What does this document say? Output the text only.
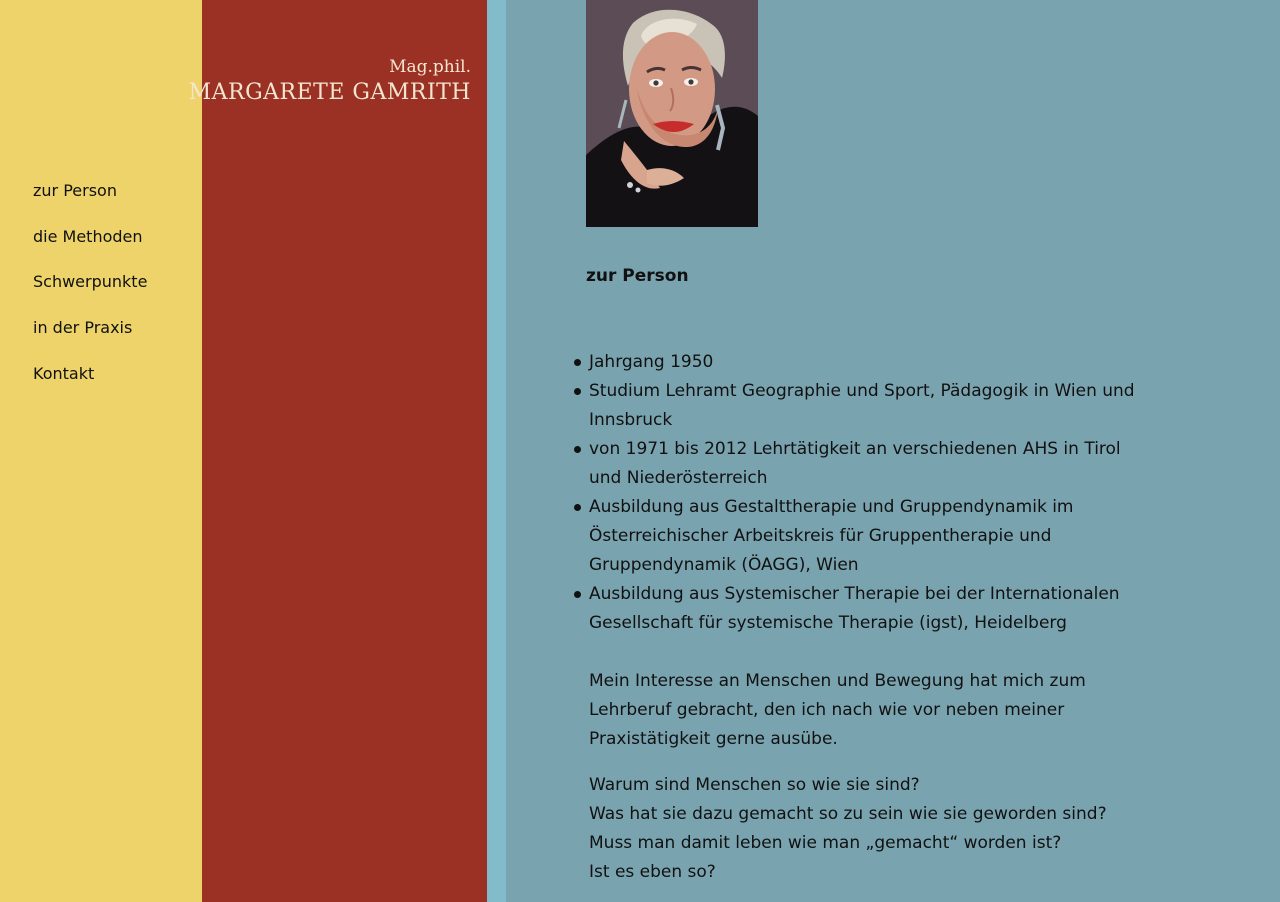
Mag.phil.
MARGARETE GAMRITH
zur Person
die Methoden
Schwerpunkte
in der Praxis
Kontakt
zur Person
Jahrgang 1950
Studium Lehramt Geographie und Sport, Pädagogik in Wien und Innsbruck
von 1971 bis 2012 Lehrtätigkeit an verschiedenen AHS in Tirol und Niederösterreich
Ausbildung aus Gestalttherapie und Gruppendynamik im Österreichischer Arbeitskreis für Gruppentherapie und Gruppendynamik (ÖAGG), Wien
Ausbildung aus Systemischer Therapie bei der Internationalen Gesellschaft für systemische Therapie (igst), Heidelberg

Mein Interesse an Menschen und Bewegung hat mich zum Lehrberuf gebracht, den ich nach wie vor neben meiner Praxistätigkeit gerne ausübe.

Warum sind Menschen so wie sie sind?

Was hat sie dazu gemacht so zu sein wie sie geworden sind?

Muss man damit leben wie man „gemacht“ worden ist?

Ist es eben so?
